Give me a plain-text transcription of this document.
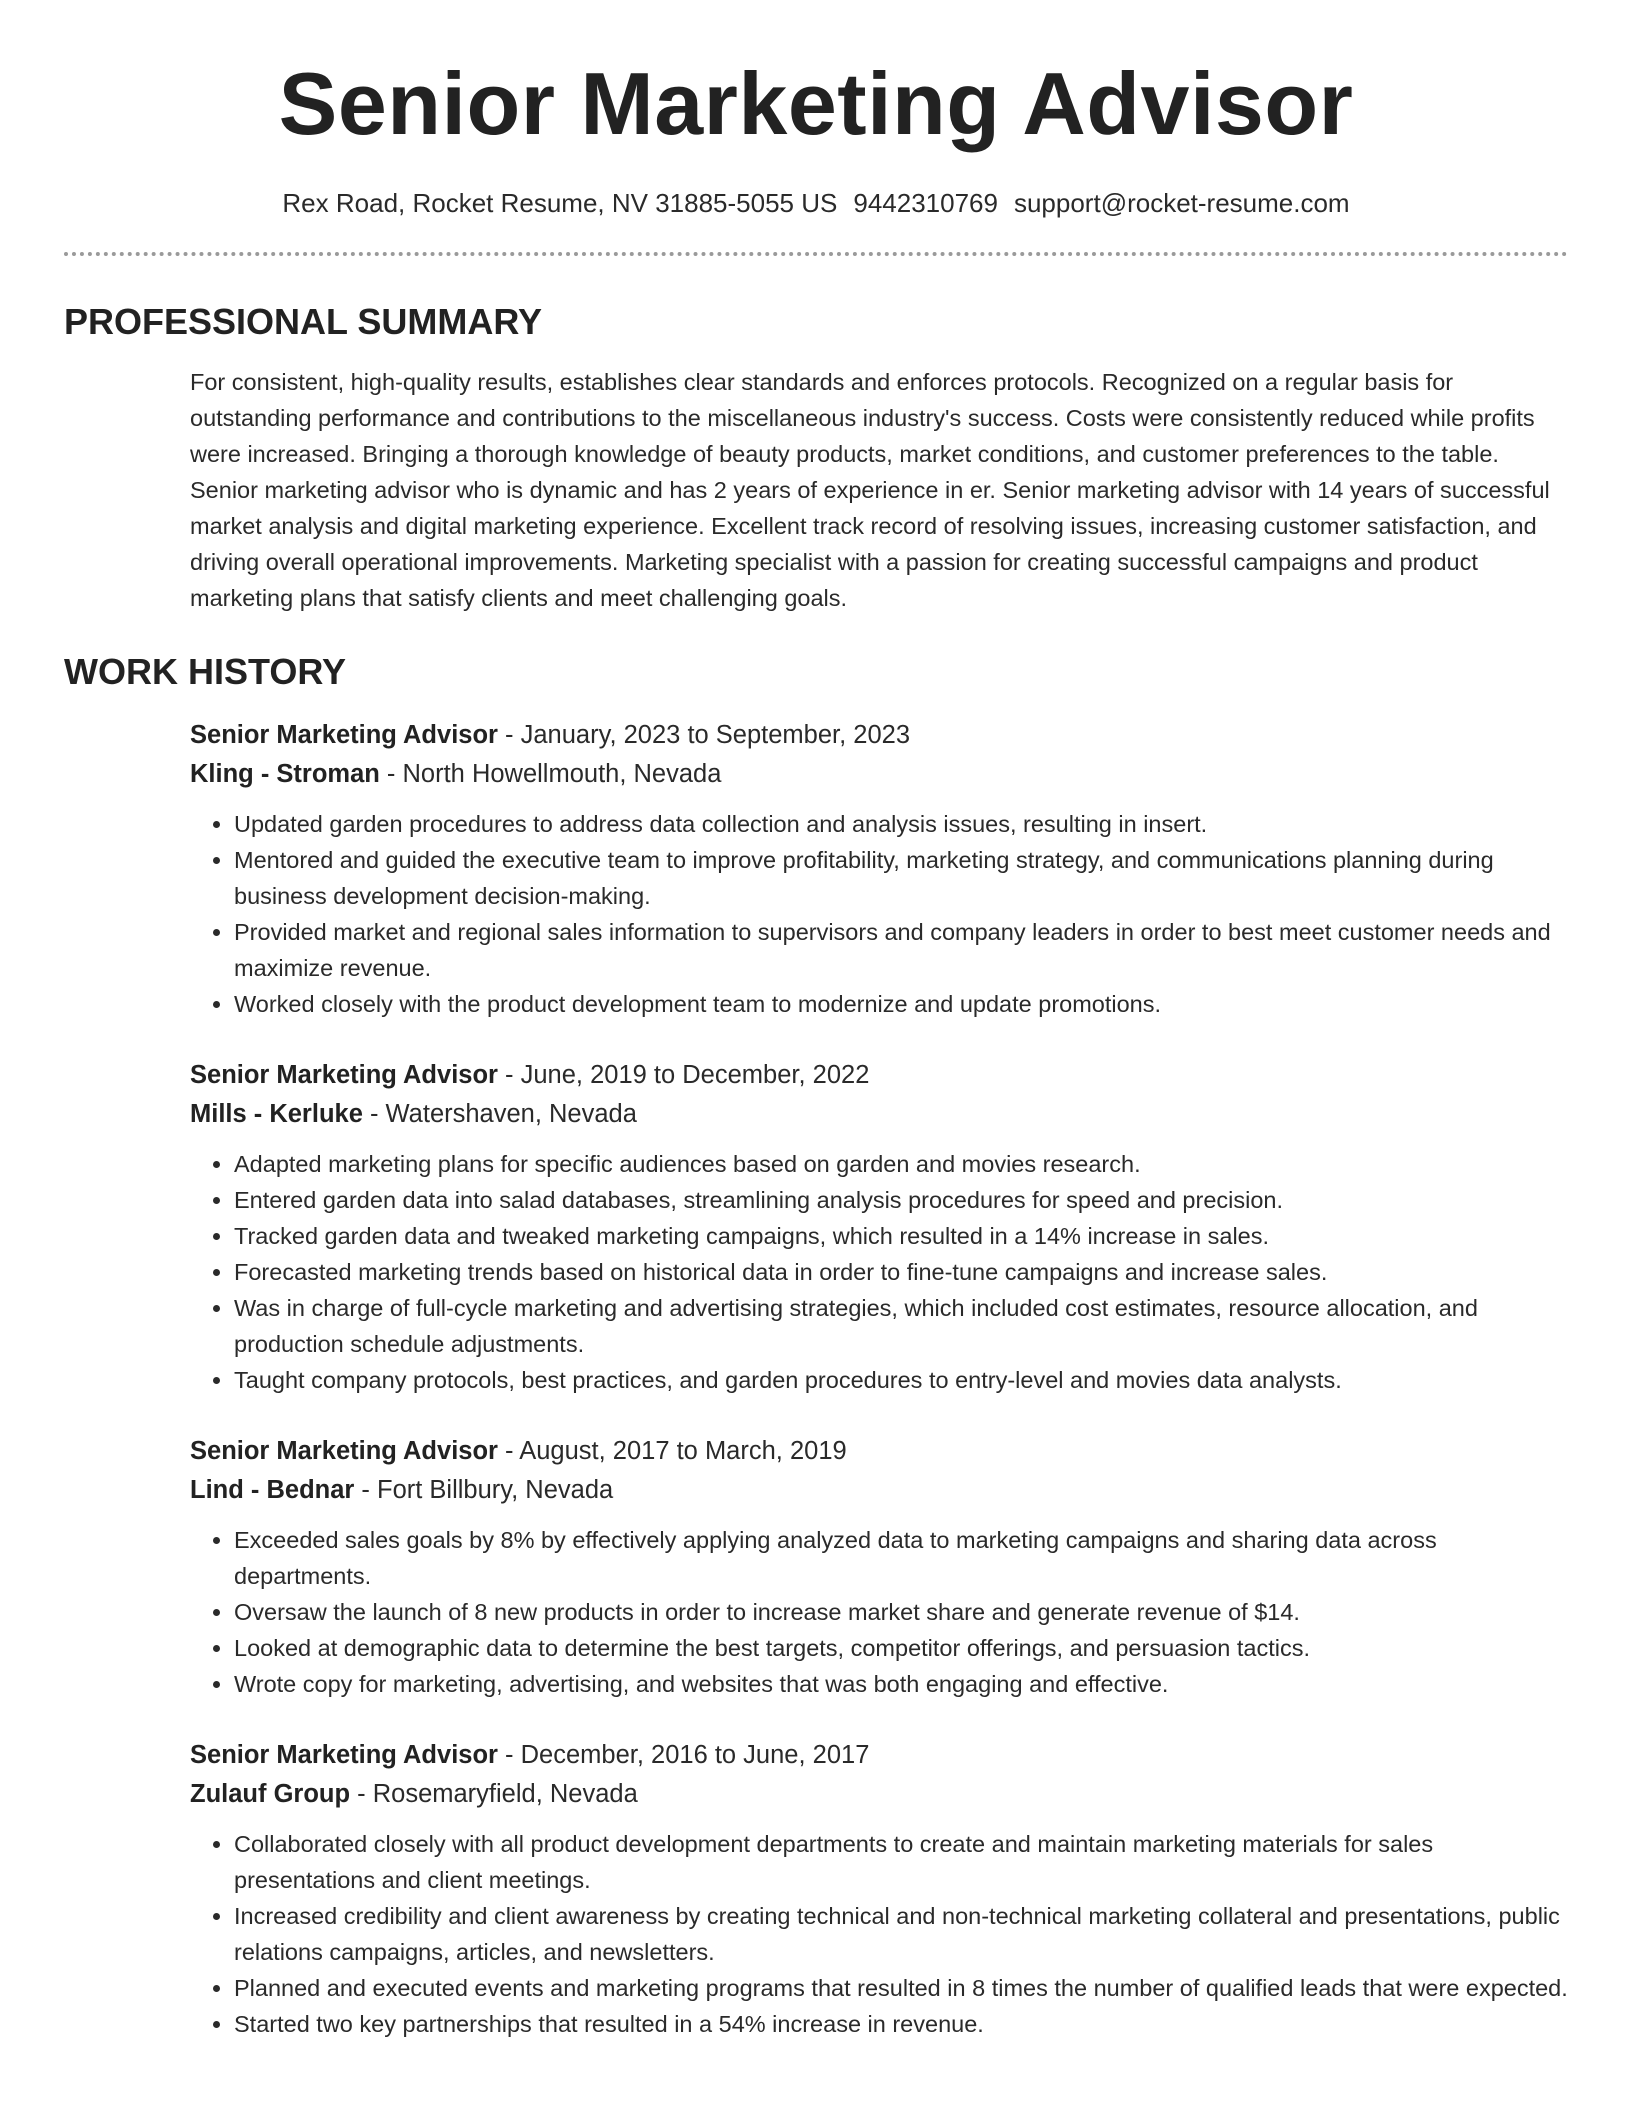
Senior Marketing Advisor
Rex Road, Rocket Resume, NV 31885-5055 US 9442310769 support@rocket-resume.com
PROFESSIONAL SUMMARY

For consistent, high-quality results, establishes clear standards and enforces protocols. Recognized on a regular basis for outstanding performance and contributions to the miscellaneous industry's success. Costs were consistently reduced while profits were increased. Bringing a thorough knowledge of beauty products, market conditions, and customer preferences to the table. Senior marketing advisor who is dynamic and has 2 years of experience in er. Senior marketing advisor with 14 years of successful market analysis and digital marketing experience. Excellent track record of resolving issues, increasing customer satisfaction, and driving overall operational improvements. Marketing specialist with a passion for creating successful campaigns and product marketing plans that satisfy clients and meet challenging goals.

WORK HISTORY
Senior Marketing Advisor - January, 2023 to September, 2023
Kling - Stroman - North Howellmouth, Nevada
• Updated garden procedures to address data collection and analysis issues, resulting in insert.
• Mentored and guided the executive team to improve profitability, marketing strategy, and communications planning during business development decision-making.
• Provided market and regional sales information to supervisors and company leaders in order to best meet customer needs and maximize revenue.
• Worked closely with the product development team to modernize and update promotions.
Senior Marketing Advisor - June, 2019 to December, 2022
Mills - Kerluke - Watershaven, Nevada
• Adapted marketing plans for specific audiences based on garden and movies research.
• Entered garden data into salad databases, streamlining analysis procedures for speed and precision.
• Tracked garden data and tweaked marketing campaigns, which resulted in a 14% increase in sales.
• Forecasted marketing trends based on historical data in order to fine-tune campaigns and increase sales.
• Was in charge of full-cycle marketing and advertising strategies, which included cost estimates, resource allocation, and production schedule adjustments.
• Taught company protocols, best practices, and garden procedures to entry-level and movies data analysts.
Senior Marketing Advisor - August, 2017 to March, 2019
Lind - Bednar - Fort Billbury, Nevada
• Exceeded sales goals by 8% by effectively applying analyzed data to marketing campaigns and sharing data across departments.
• Oversaw the launch of 8 new products in order to increase market share and generate revenue of $14.
• Looked at demographic data to determine the best targets, competitor offerings, and persuasion tactics.
• Wrote copy for marketing, advertising, and websites that was both engaging and effective.
Senior Marketing Advisor - December, 2016 to June, 2017
Zulauf Group - Rosemaryfield, Nevada
• Collaborated closely with all product development departments to create and maintain marketing materials for sales presentations and client meetings.
• Increased credibility and client awareness by creating technical and non-technical marketing collateral and presentations, public relations campaigns, articles, and newsletters.
• Planned and executed events and marketing programs that resulted in 8 times the number of qualified leads that were expected.
• Started two key partnerships that resulted in a 54% increase in revenue.
